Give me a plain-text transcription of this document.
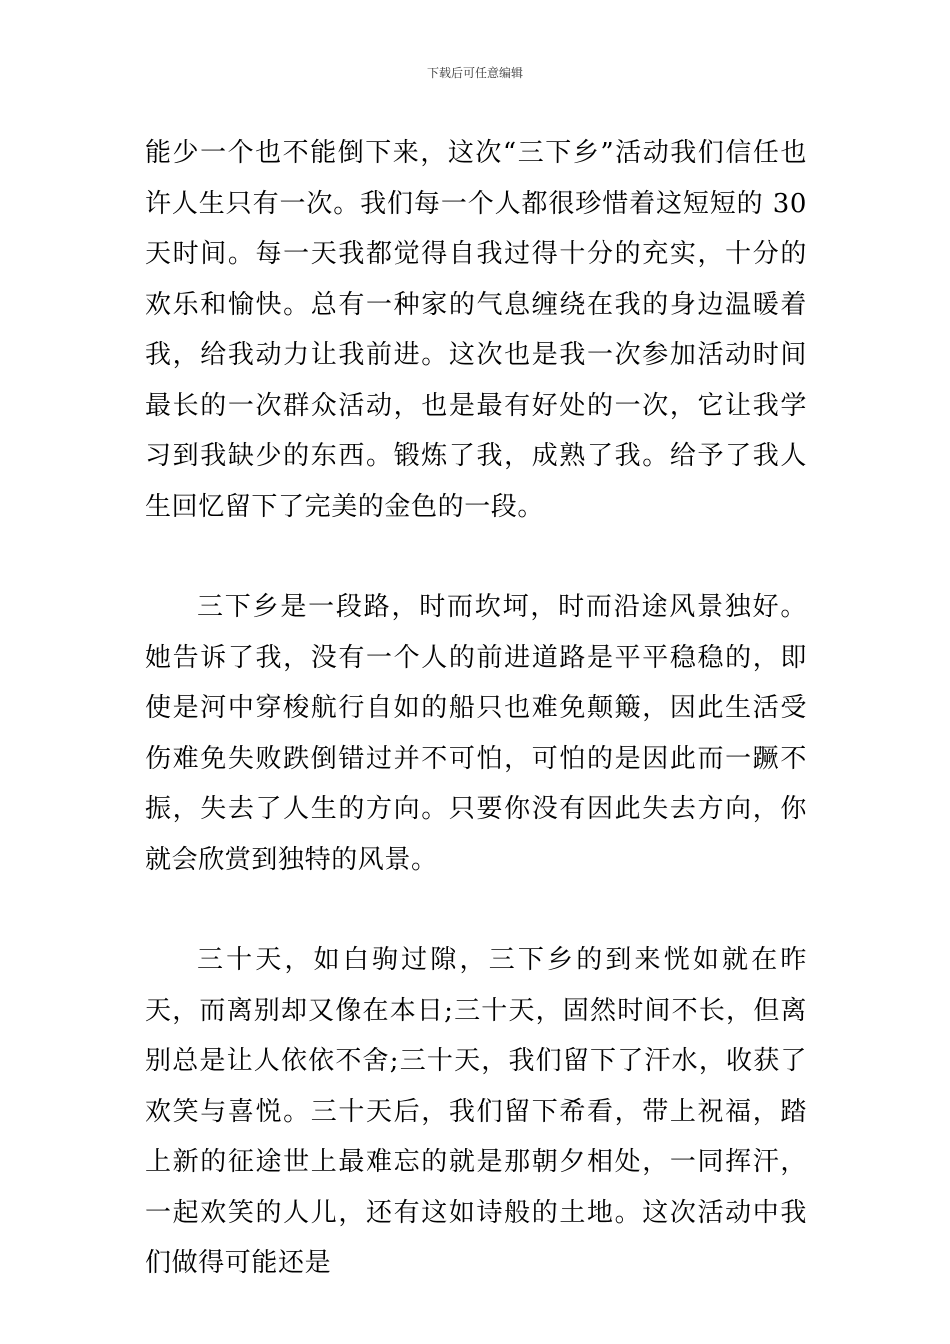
下载后可任意编辑

能少一个也不能倒下来，这次“三下乡”活动我们信任也许人生只有一次。我们每一个人都很珍惜着这短短的 30 天时间。每一天我都觉得自我过得十分的充实，十分的欢乐和愉快。总有一种家的气息缠绕在我的身边温暖着我，给我动力让我前进。这次也是我一次参加活动时间最长的一次群众活动，也是最有好处的一次，它让我学习到我缺少的东西。锻炼了我，成熟了我。给予了我人生回忆留下了完美的金色的一段。

三下乡是一段路，时而坎坷，时而沿途风景独好。她告诉了我，没有一个人的前进道路是平平稳稳的，即使是河中穿梭航行自如的船只也难免颠簸，因此生活受伤难免失败跌倒错过并不可怕，可怕的是因此而一蹶不振，失去了人生的方向。只要你没有因此失去方向，你就会欣赏到独特的风景。

三十天，如白驹过隙，三下乡的到来恍如就在昨天，而离别却又像在本日;三十天，固然时间不长，但离别总是让人依依不舍;三十天，我们留下了汗水，收获了欢笑与喜悦。三十天后，我们留下希看，带上祝福，踏上新的征途世上最难忘的就是那朝夕相处，一同挥汗，一起欢笑的人儿，还有这如诗般的土地。这次活动中我们做得可能还是
